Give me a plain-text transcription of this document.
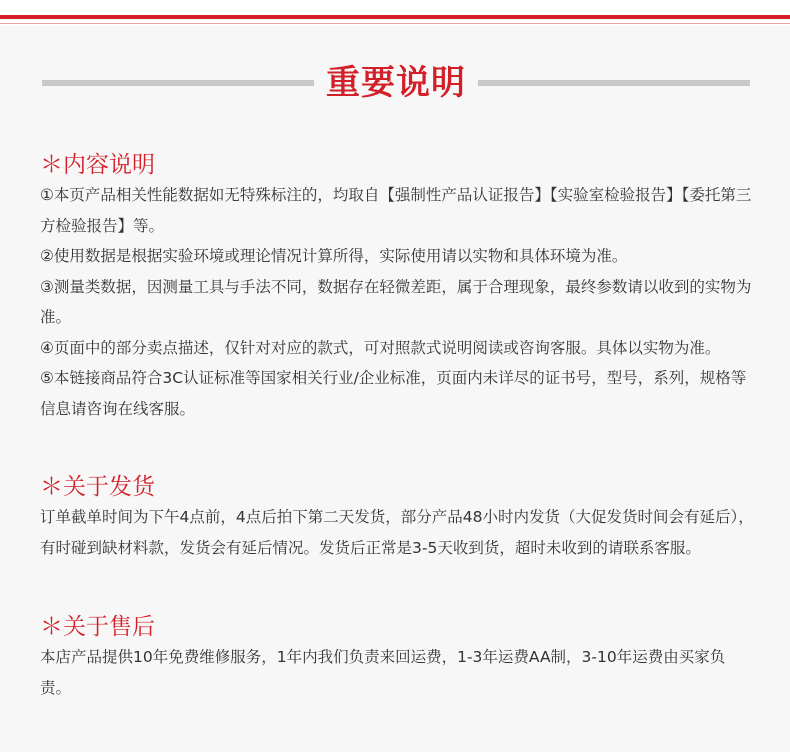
重要说明
＊内容说明

①本页产品相关性能数据如无特殊标注的，均取自【强制性产品认证报告】【实验室检验报告】【委托第三方检验报告】等。

②使用数据是根据实验环境或理论情况计算所得，实际使用请以实物和具体环境为准。

③测量类数据，因测量工具与手法不同，数据存在轻微差距，属于合理现象，最终参数请以收到的实物为准。

④页面中的部分卖点描述，仅针对对应的款式，可对照款式说明阅读或咨询客服。具体以实物为准。

⑤本链接商品符合3C认证标准等国家相关行业/企业标准，页面内未详尽的证书号，型号，系列，规格等信息请咨询在线客服。

＊关于发货

订单截单时间为下午4点前，4点后拍下第二天发货，部分产品48小时内发货（大促发货时间会有延后），有时碰到缺材料款，发货会有延后情况。发货后正常是3-5天收到货，超时未收到的请联系客服。

＊关于售后

本店产品提供10年免费维修服务，1年内我们负责来回运费，1-3年运费AA制，3-10年运费由买家负责。
